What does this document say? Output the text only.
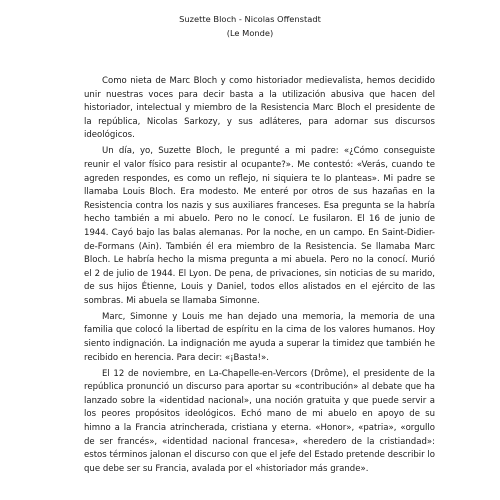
Suzette Bloch - Nicolas Offenstadt
(Le Monde)

Como nieta de Marc Bloch y como historiador medievalista, hemos decidido unir nuestras voces para decir basta a la utilización abusiva que hacen del historiador, intelectual y miembro de la Resistencia Marc Bloch el presidente de la república, Nicolas Sarkozy, y sus adláteres, para adornar sus discursos ideológicos.

Un día, yo, Suzette Bloch, le pregunté a mi padre: «¿Cómo conseguiste reunir el valor físico para resistir al ocupante?». Me contestó: «Verás, cuando te agreden respondes, es como un reflejo, ni siquiera te lo planteas». Mi padre se llamaba Louis Bloch. Era modesto. Me enteré por otros de sus hazañas en la Resistencia contra los nazis y sus auxiliares franceses. Esa pregunta se la habría hecho también a mi abuelo. Pero no le conocí. Le fusilaron. El 16 de junio de 1944. Cayó bajo las balas alemanas. Por la noche, en un campo. En Saint-Didier-de-Formans (Ain). También él era miembro de la Resistencia. Se llamaba Marc Bloch. Le habría hecho la misma pregunta a mi abuela. Pero no la conocí. Murió el 2 de julio de 1944. El Lyon. De pena, de privaciones, sin noticias de su marido, de sus hijos Étienne, Louis y Daniel, todos ellos alistados en el ejército de las sombras. Mi abuela se llamaba Simonne.

Marc, Simonne y Louis me han dejado una memoria, la memoria de una familia que colocó la libertad de espíritu en la cima de los valores humanos. Hoy siento indignación. La indignación me ayuda a superar la timidez que también he recibido en herencia. Para decir: «¡Basta!».

El 12 de noviembre, en La-Chapelle-en-Vercors (Drôme), el presidente de la república pronunció un discurso para aportar su «contribución» al debate que ha lanzado sobre la «identidad nacional», una noción gratuita y que puede servir a los peores propósitos ideológicos. Echó mano de mi abuelo en apoyo de su himno a la Francia atrincherada, cristiana y eterna. «Honor», «patria», «orgullo de ser francés», «identidad nacional francesa», «heredero de la cristiandad»: estos términos jalonan el discurso con que el jefe del Estado pretende describir lo que debe ser su Francia, avalada por el «historiador más grande».
